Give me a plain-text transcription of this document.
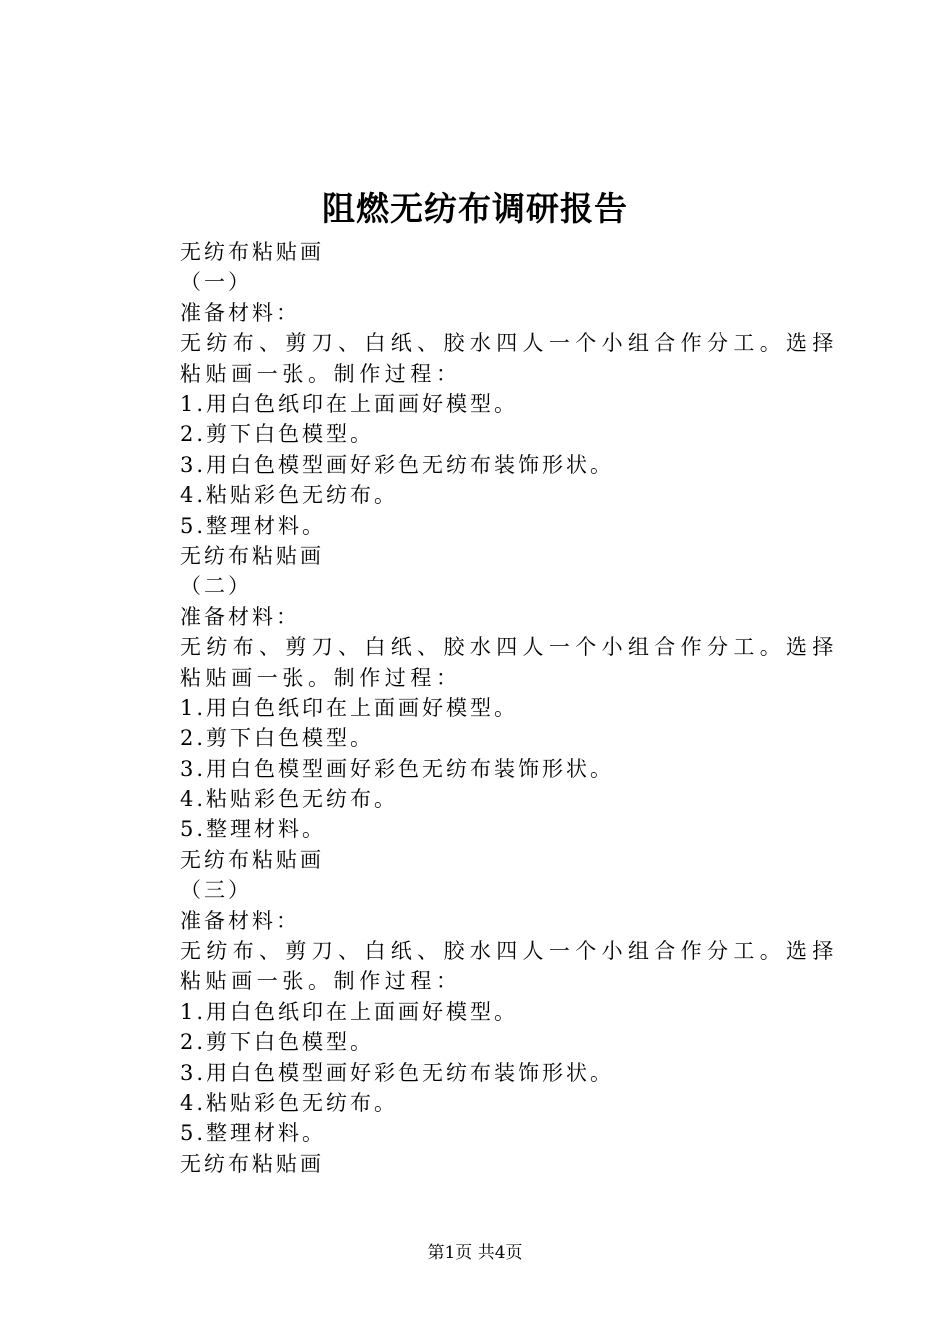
阻燃无纺布调研报告
无纺布粘贴画
（一）
准备材料：
无纺布、剪刀、白纸、胶水四人一个小组合作分工。选择粘贴画一张。制作过程：
1.用白色纸印在上面画好模型。
2.剪下白色模型。
3.用白色模型画好彩色无纺布装饰形状。
4.粘贴彩色无纺布。
5.整理材料。
无纺布粘贴画
（二）
准备材料：
无纺布、剪刀、白纸、胶水四人一个小组合作分工。选择粘贴画一张。制作过程：
1.用白色纸印在上面画好模型。
2.剪下白色模型。
3.用白色模型画好彩色无纺布装饰形状。
4.粘贴彩色无纺布。
5.整理材料。
无纺布粘贴画
（三）
准备材料：
无纺布、剪刀、白纸、胶水四人一个小组合作分工。选择粘贴画一张。制作过程：
1.用白色纸印在上面画好模型。
2.剪下白色模型。
3.用白色模型画好彩色无纺布装饰形状。
4.粘贴彩色无纺布。
5.整理材料。
无纺布粘贴画
第1页 共4页
